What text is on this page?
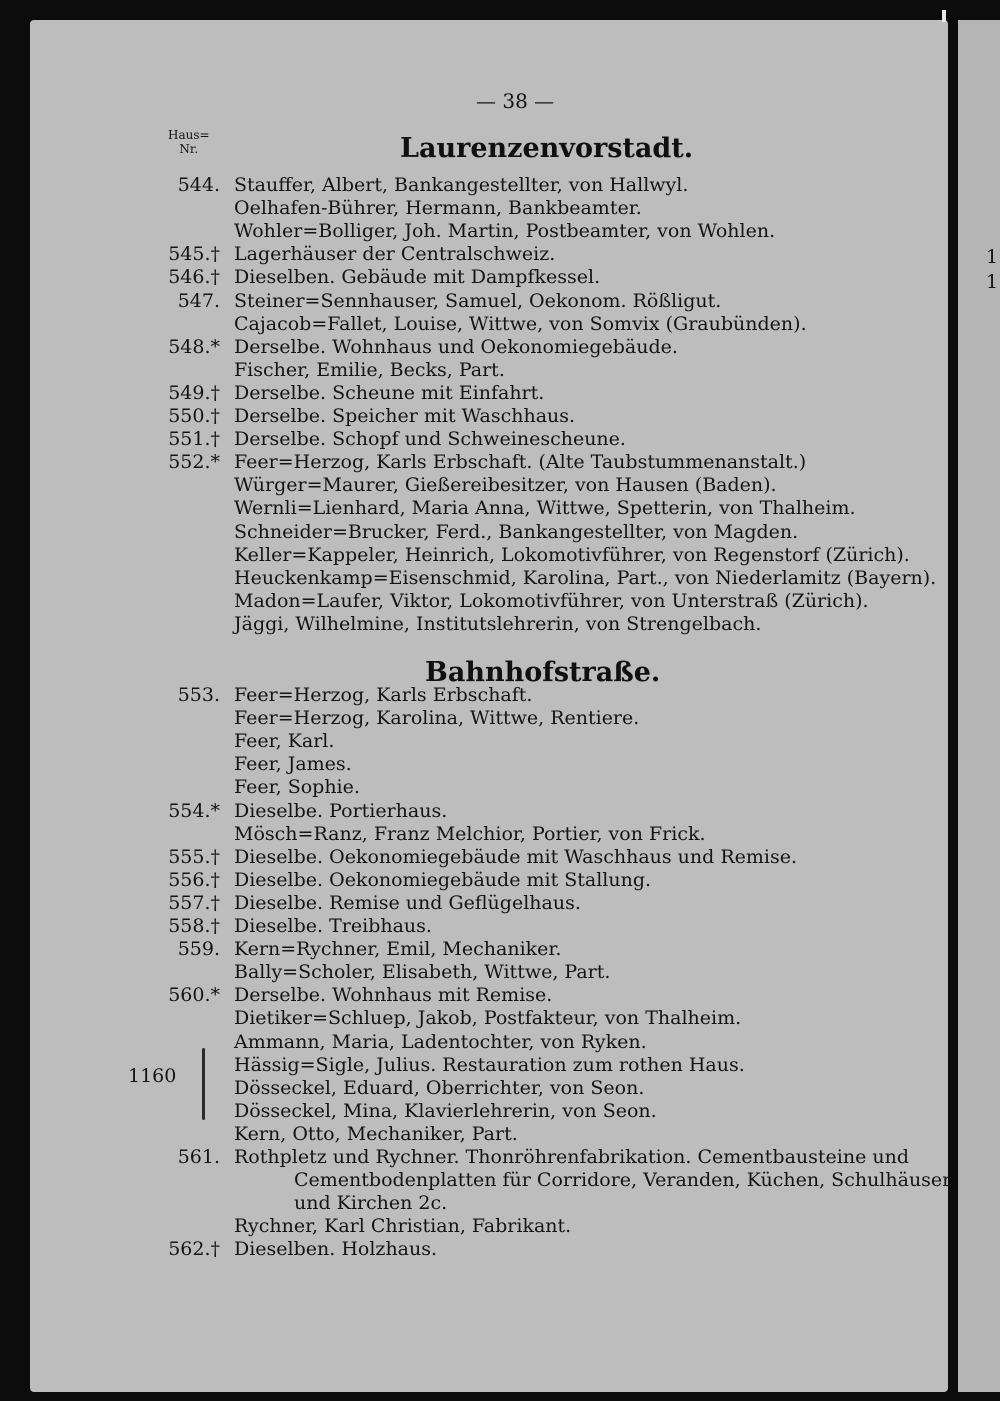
— 38 —
Haus=
Nr.	Laurenzenvorstadt.
Bahnhofstraße.
544. Stauffer, Albert, Bankangestellter, von Hallwyl.
Oelhafen-Bührer, Hermann, Bankbeamter.
Wohler=Bolliger, Joh. Martin, Postbeamter, von Wohlen.
545.† Lagerhäuser der Centralschweiz.
546.† Dieselben. Gebäude mit Dampfkessel.
547. Steiner=Sennhauser, Samuel, Oekonom. Rößligut.
Cajacob=Fallet, Louise, Wittwe, von Somvix (Graubünden).
548.* Derselbe. Wohnhaus und Oekonomiegebäude.
Fischer, Emilie, Becks, Part.
549.† Derselbe. Scheune mit Einfahrt.
550.† Derselbe. Speicher mit Waschhaus.
551.† Derselbe. Schopf und Schweinescheune.
552.* Feer=Herzog, Karls Erbschaft. (Alte Taubstummenanstalt.)
Würger=Maurer, Gießereibesitzer, von Hausen (Baden).
Wernli=Lienhard, Maria Anna, Wittwe, Spetterin, von Thalheim.
Schneider=Brucker, Ferd., Bankangestellter, von Magden.
Keller=Kappeler, Heinrich, Lokomotivführer, von Regenstorf (Zürich).
Heuckenkamp=Eisenschmid, Karolina, Part., von Niederlamitz (Bayern).
Madon=Laufer, Viktor, Lokomotivführer, von Unterstraß (Zürich).
Jäggi, Wilhelmine, Institutslehrerin, von Strengelbach.
553. Feer=Herzog, Karls Erbschaft.
Feer=Herzog, Karolina, Wittwe, Rentiere.
Feer, Karl.
Feer, James.
Feer, Sophie.
554.* Dieselbe. Portierhaus.
Mösch=Ranz, Franz Melchior, Portier, von Frick.
555.† Dieselbe. Oekonomiegebäude mit Waschhaus und Remise.
556.† Dieselbe. Oekonomiegebäude mit Stallung.
557.† Dieselbe. Remise und Geflügelhaus.
558.† Dieselbe. Treibhaus.
559. Kern=Rychner, Emil, Mechaniker.
Bally=Scholer, Elisabeth, Wittwe, Part.
560.* Derselbe. Wohnhaus mit Remise.
Dietiker=Schluep, Jakob, Postfakteur, von Thalheim.
Ammann, Maria, Ladentochter, von Ryken.
Hässig=Sigle, Julius. Restauration zum rothen Haus.
Dösseckel, Eduard, Oberrichter, von Seon.
Dösseckel, Mina, Klavierlehrerin, von Seon.
Kern, Otto, Mechaniker, Part.
561. Rothpletz und Rychner. Thonröhrenfabrikation. Cementbausteine und
Cementbodenplatten für Corridore, Veranden, Küchen, Schulhäuser
und Kirchen 2c.
Rychner, Karl Christian, Fabrikant.
562.† Dieselben. Holzhaus.
1160
1
1
